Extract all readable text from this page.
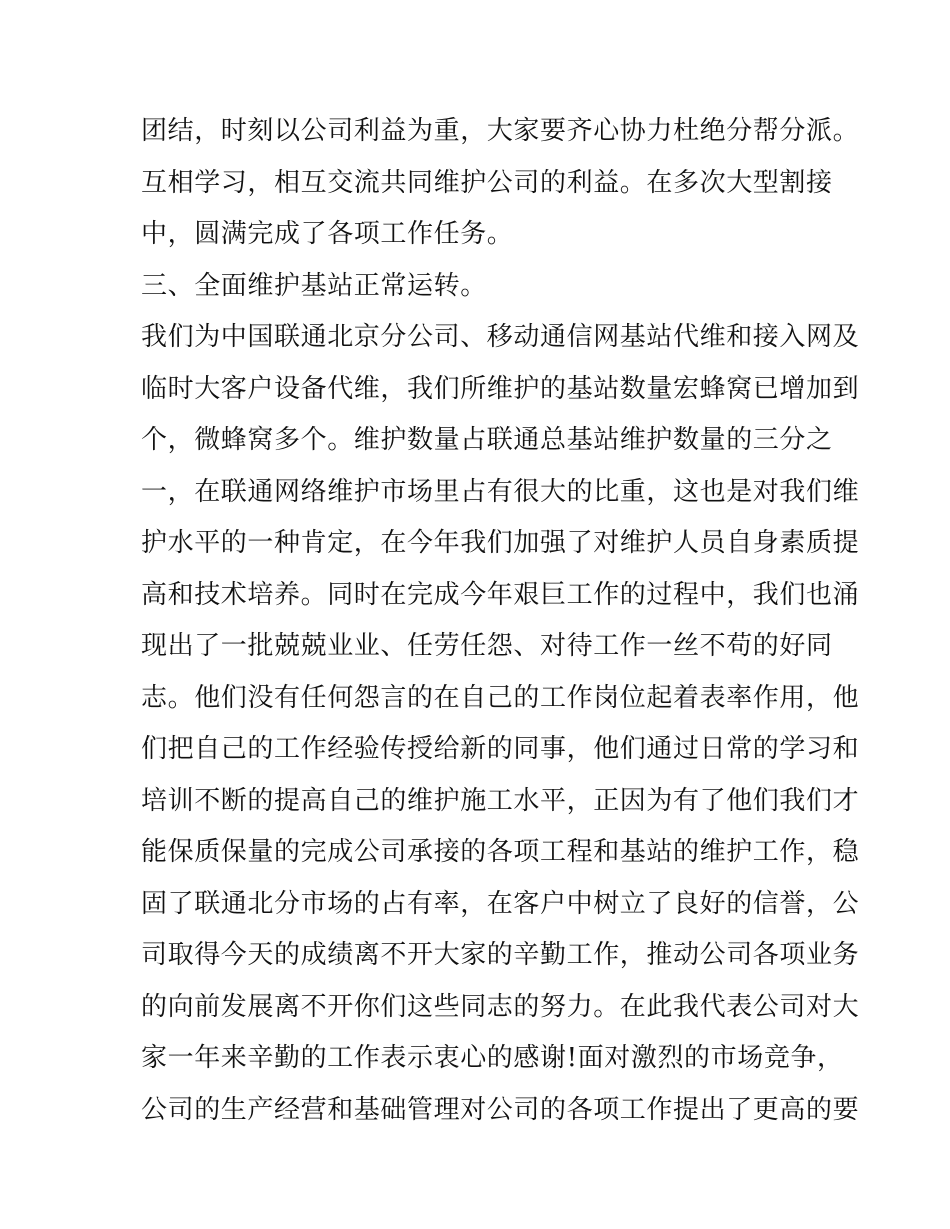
团结，时刻以公司利益为重，大家要齐心协力杜绝分帮分派。
互相学习，相互交流共同维护公司的利益。在多次大型割接
中，圆满完成了各项工作任务。
三、全面维护基站正常运转。
我们为中国联通北京分公司、移动通信网基站代维和接入网及
临时大客户设备代维，我们所维护的基站数量宏蜂窝已增加到
个，微蜂窝多个。维护数量占联通总基站维护数量的三分之
一，在联通网络维护市场里占有很大的比重，这也是对我们维
护水平的一种肯定，在今年我们加强了对维护人员自身素质提
高和技术培养。同时在完成今年艰巨工作的过程中，我们也涌
现出了一批兢兢业业、任劳任怨、对待工作一丝不苟的好同
志。他们没有任何怨言的在自己的工作岗位起着表率作用，他
们把自己的工作经验传授给新的同事，他们通过日常的学习和
培训不断的提高自己的维护施工水平，正因为有了他们我们才
能保质保量的完成公司承接的各项工程和基站的维护工作，稳
固了联通北分市场的占有率，在客户中树立了良好的信誉，公
司取得今天的成绩离不开大家的辛勤工作，推动公司各项业务
的向前发展离不开你们这些同志的努力。在此我代表公司对大
家一年来辛勤的工作表示衷心的感谢!面对激烈的市场竞争，
公司的生产经营和基础管理对公司的各项工作提出了更高的要
